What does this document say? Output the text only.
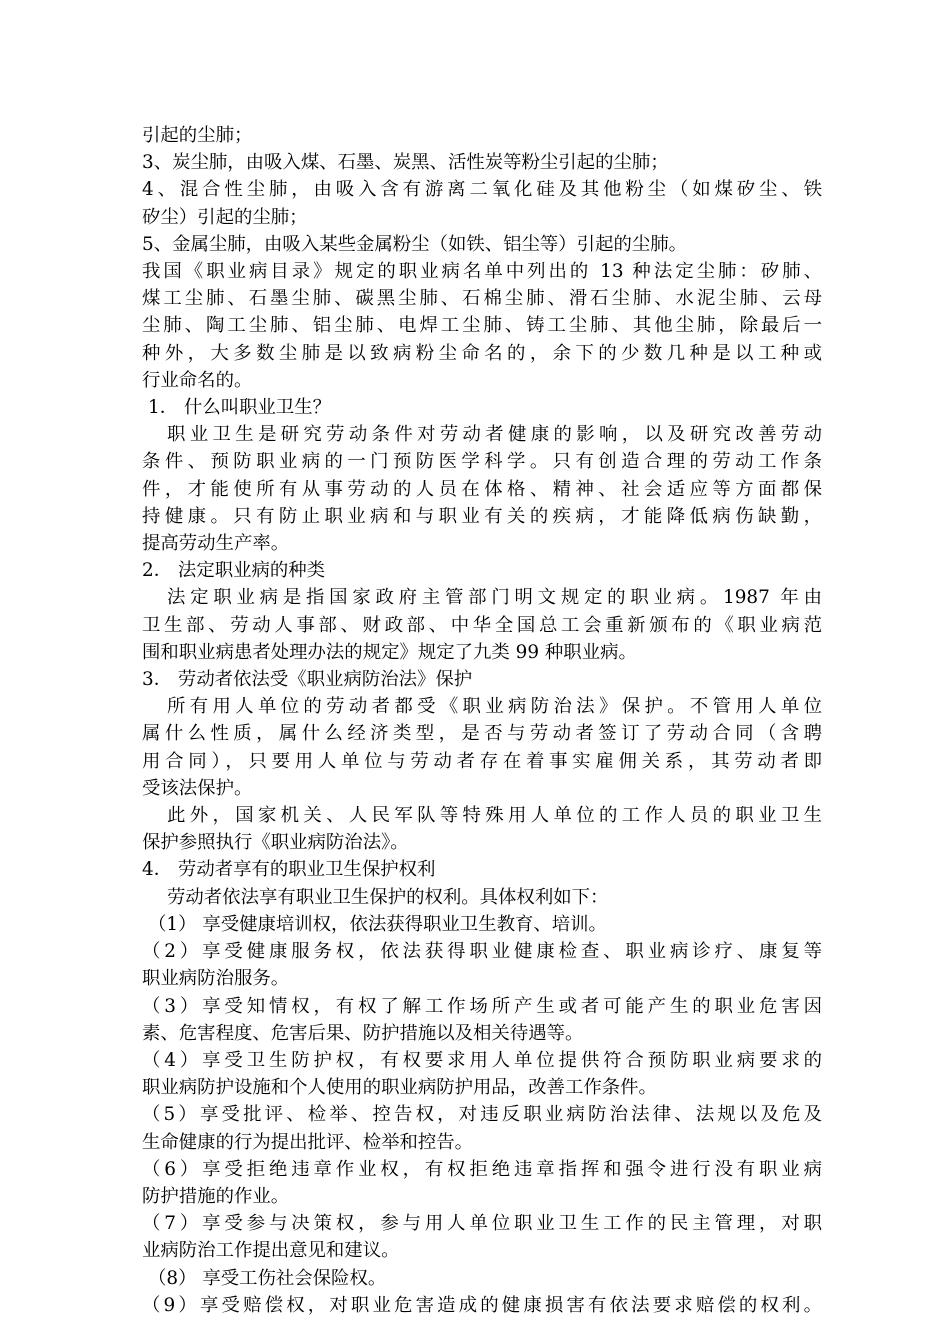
引起的尘肺；
3、炭尘肺，由吸入煤、石墨、炭黑、活性炭等粉尘引起的尘肺；
4、混合性尘肺，由吸入含有游离二氧化硅及其他粉尘（如煤矽尘、铁
矽尘）引起的尘肺；
5、金属尘肺，由吸入某些金属粉尘（如铁、铝尘等）引起的尘肺。
我国《职业病目录》规定的职业病名单中列出的 13 种法定尘肺：矽肺、
煤工尘肺、石墨尘肺、碳黑尘肺、石棉尘肺、滑石尘肺、水泥尘肺、云母
尘肺、陶工尘肺、铝尘肺、电焊工尘肺、铸工尘肺、其他尘肺，除最后一
种外，大多数尘肺是以致病粉尘命名的，余下的少数几种是以工种或
行业命名的。
1． 什么叫职业卫生？
职业卫生是研究劳动条件对劳动者健康的影响，以及研究改善劳动
条件、预防职业病的一门预防医学科学。只有创造合理的劳动工作条
件，才能使所有从事劳动的人员在体格、精神、社会适应等方面都保
持健康。只有防止职业病和与职业有关的疾病，才能降低病伤缺勤，
提高劳动生产率。
2． 法定职业病的种类
法定职业病是指国家政府主管部门明文规定的职业病。1987 年由
卫生部、劳动人事部、财政部、中华全国总工会重新颁布的《职业病范
围和职业病患者处理办法的规定》规定了九类 99 种职业病。
3． 劳动者依法受《职业病防治法》保护
所有用人单位的劳动者都受《职业病防治法》保护。不管用人单位
属什么性质，属什么经济类型，是否与劳动者签订了劳动合同（含聘
用合同），只要用人单位与劳动者存在着事实雇佣关系，其劳动者即
受该法保护。
此外，国家机关、人民军队等特殊用人单位的工作人员的职业卫生
保护参照执行《职业病防治法》。
4． 劳动者享有的职业卫生保护权利
劳动者依法享有职业卫生保护的权利。具体权利如下：
（1） 享受健康培训权，依法获得职业卫生教育、培训。
（2）享受健康服务权，依法获得职业健康检查、职业病诊疗、康复等
职业病防治服务。
（3）享受知情权，有权了解工作场所产生或者可能产生的职业危害因
素、危害程度、危害后果、防护措施以及相关待遇等。
（4）享受卫生防护权，有权要求用人单位提供符合预防职业病要求的
职业病防护设施和个人使用的职业病防护用品，改善工作条件。
（5）享受批评、检举、控告权，对违反职业病防治法律、法规以及危及
生命健康的行为提出批评、检举和控告。
（6）享受拒绝违章作业权，有权拒绝违章指挥和强令进行没有职业病
防护措施的作业。
（7）享受参与决策权，参与用人单位职业卫生工作的民主管理，对职
业病防治工作提出意见和建议。
（8） 享受工伤社会保险权。
（9）享受赔偿权，对职业危害造成的健康损害有依法要求赔偿的权利。
